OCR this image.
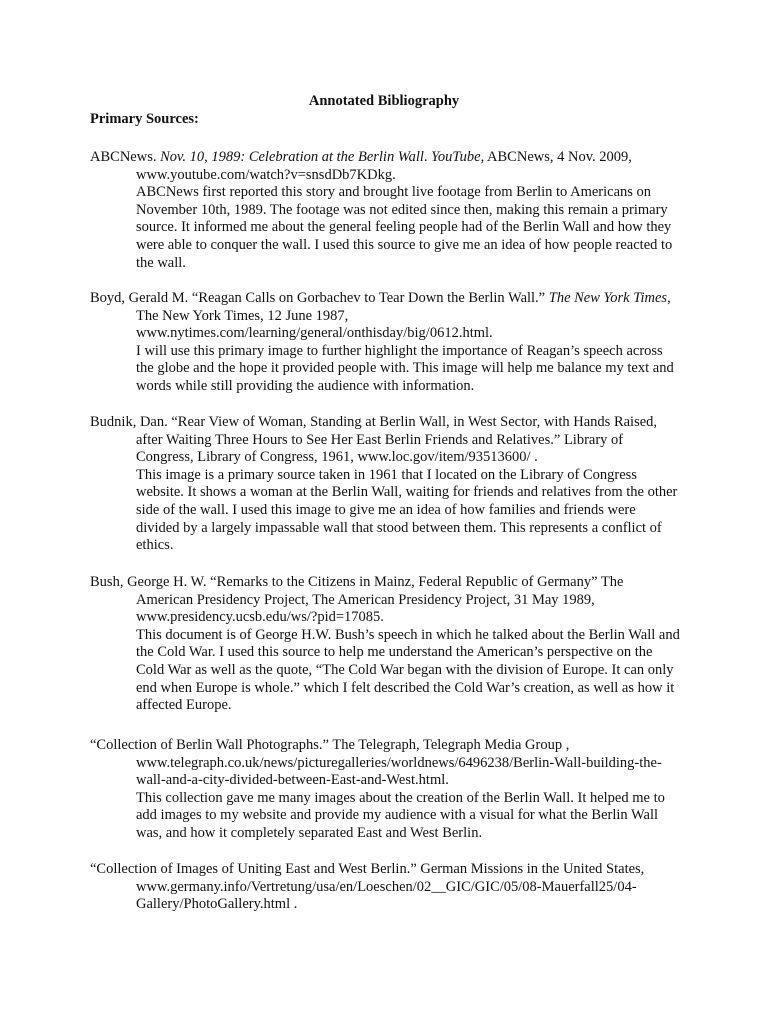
Annotated Bibliography
Primary Sources:

ABCNews. Nov. 10, 1989: Celebration at the Berlin Wall. YouTube, ABCNews, 4 Nov. 2009, www.youtube.com/watch?v=snsdDb7KDkg.

ABCNews first reported this story and brought live footage from Berlin to Americans on November 10th, 1989. The footage was not edited since then, making this remain a primary source. It informed me about the general feeling people had of the Berlin Wall and how they were able to conquer the wall. I used this source to give me an idea of how people reacted to the wall.

Boyd, Gerald M. “Reagan Calls on Gorbachev to Tear Down the Berlin Wall.” The New York Times, The New York Times, 12 June 1987, www.nytimes.com/learning/general/onthisday/big/0612.html.

I will use this primary image to further highlight the importance of Reagan’s speech across the globe and the hope it provided people with. This image will help me balance my text and words while still providing the audience with information.

Budnik, Dan. “Rear View of Woman, Standing at Berlin Wall, in West Sector, with Hands Raised, after Waiting Three Hours to See Her East Berlin Friends and Relatives.” Library of Congress, Library of Congress, 1961, www.loc.gov/item/93513600/ .

This image is a primary source taken in 1961 that I located on the Library of Congress website. It shows a woman at the Berlin Wall, waiting for friends and relatives from the other side of the wall. I used this image to give me an idea of how families and friends were divided by a largely impassable wall that stood between them. This represents a conflict of ethics.

Bush, George H. W. “Remarks to the Citizens in Mainz, Federal Republic of Germany” The American Presidency Project, The American Presidency Project, 31 May 1989, www.presidency.ucsb.edu/ws/?pid=17085.

This document is of George H.W. Bush’s speech in which he talked about the Berlin Wall and the Cold War. I used this source to help me understand the American’s perspective on the Cold War as well as the quote, “The Cold War began with the division of Europe. It can only end when Europe is whole.” which I felt described the Cold War’s creation, as well as how it affected Europe.

“Collection of Berlin Wall Photographs.” The Telegraph, Telegraph Media Group , www.telegraph.co.uk/news/picturegalleries/worldnews/6496238/Berlin-Wall-building-the-wall-and-a-city-divided-between-East-and-West.html.

This collection gave me many images about the creation of the Berlin Wall. It helped me to add images to my website and provide my audience with a visual for what the Berlin Wall was, and how it completely separated East and West Berlin.

“Collection of Images of Uniting East and West Berlin.” German Missions in the United States, www.germany.info/Vertretung/usa/en/Loeschen/02__GIC/GIC/05/08-Mauerfall25/04-Gallery/PhotoGallery.html .
